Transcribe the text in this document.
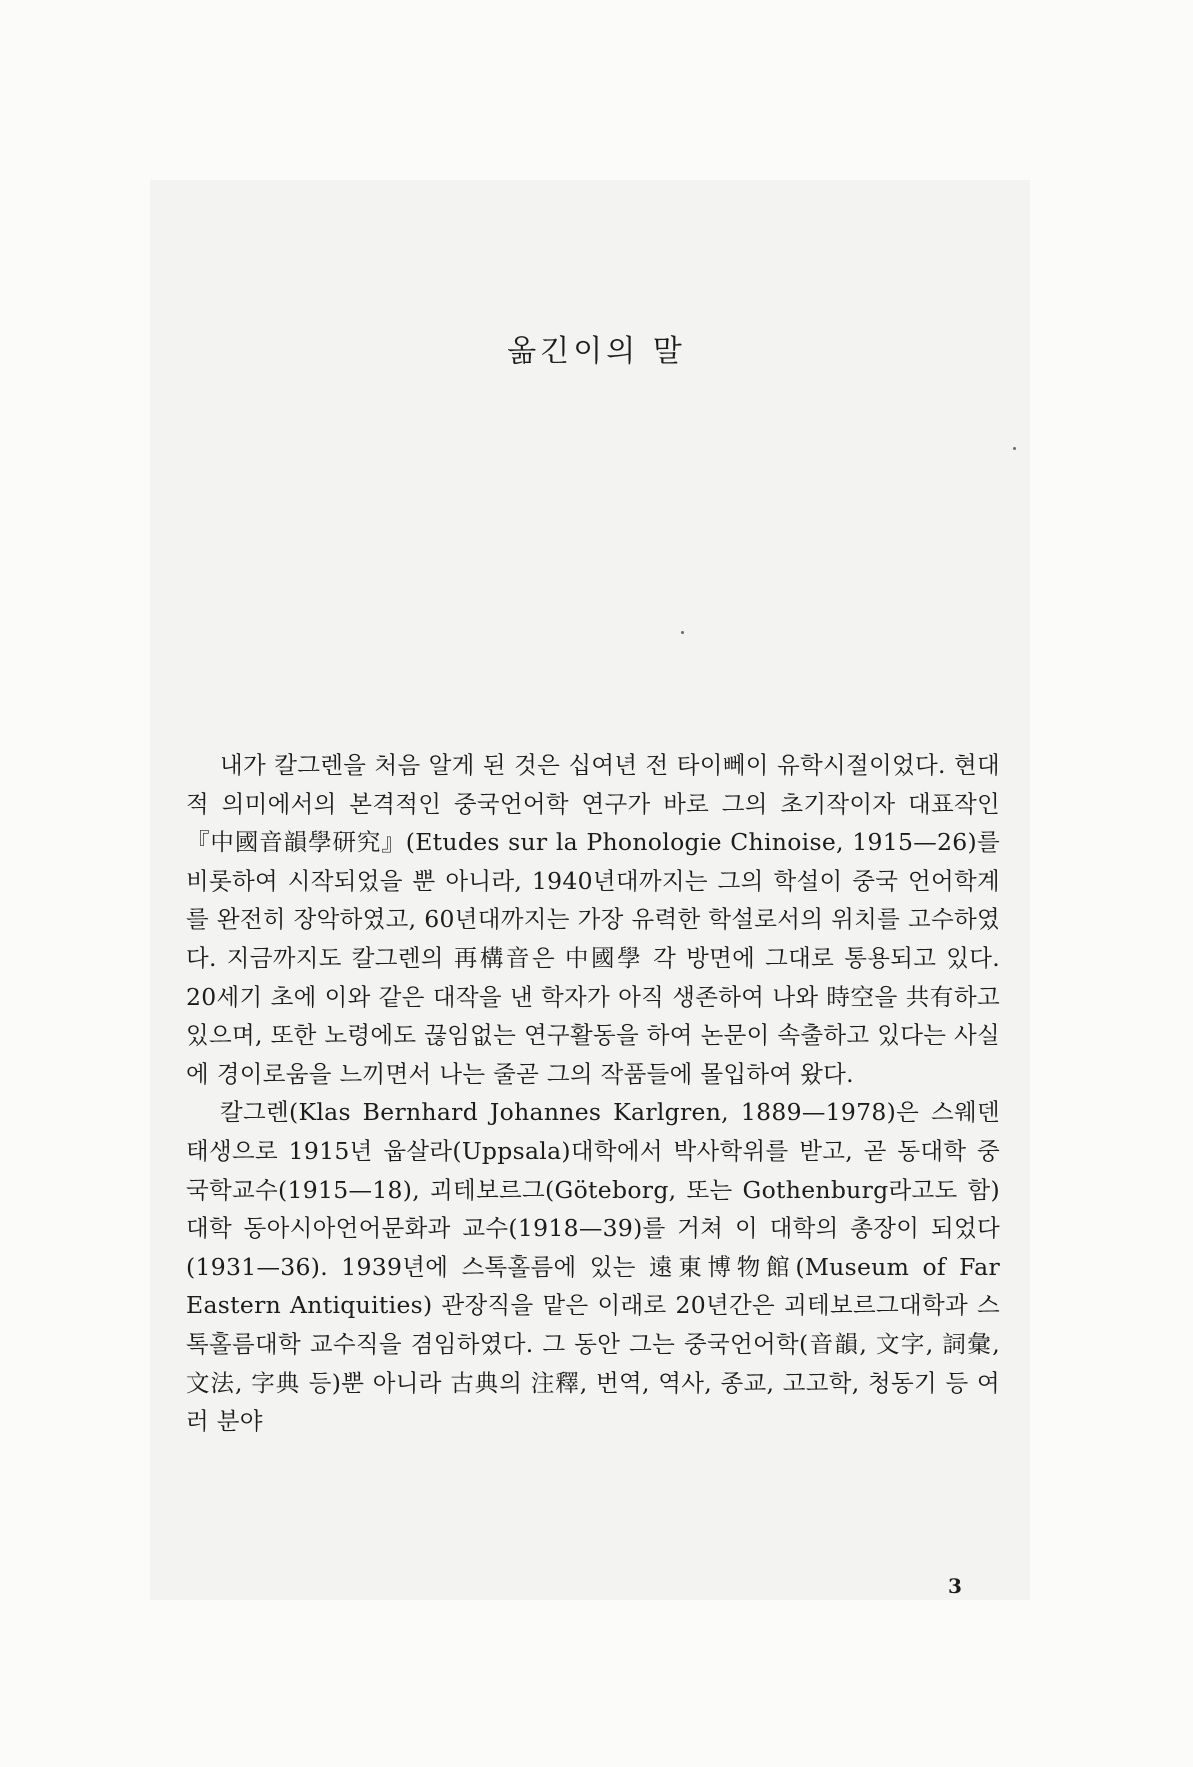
옮긴이의 말

내가 칼그렌을 처음 알게 된 것은 십여년 전 타이뻬이 유학시절이었다. 현대적 의미에서의 본격적인 중국언어학 연구가 바로 그의 초기작이자 대표작인 『中國音韻學研究』(Etudes sur la Phonologie Chinoise, 1915—26)를 비롯하여 시작되었을 뿐 아니라, 1940년대까지는 그의 학설이 중국 언어학계를 완전히 장악하였고, 60년대까지는 가장 유력한 학설로서의 위치를 고수하였다. 지금까지도 칼그렌의 再構音은 中國學 각 방면에 그대로 통용되고 있다. 20세기 초에 이와 같은 대작을 낸 학자가 아직 생존하여 나와 時空을 共有하고 있으며, 또한 노령에도 끊임없는 연구활동을 하여 논문이 속출하고 있다는 사실에 경이로움을 느끼면서 나는 줄곧 그의 작품들에 몰입하여 왔다.

칼그렌(Klas Bernhard Johannes Karlgren, 1889—1978)은 스웨덴 태생으로 1915년 웁살라(Uppsala)대학에서 박사학위를 받고, 곧 동대학 중국학교수(1915—18), 괴테보르그(Göteborg, 또는 Gothenburg라고도 함)대학 동아시아언어문화과 교수(1918—39)를 거쳐 이 대학의 총장이 되었다(1931—36). 1939년에 스톡홀름에 있는 遠東博物館(Museum of Far Eastern Antiquities) 관장직을 맡은 이래로 20년간은 괴테보르그대학과 스톡홀름대학 교수직을 겸임하였다. 그 동안 그는 중국언어학(音韻, 文字, 詞彙, 文法, 字典 등)뿐 아니라 古典의 注釋, 번역, 역사, 종교, 고고학, 청동기 등 여러 분야

3
